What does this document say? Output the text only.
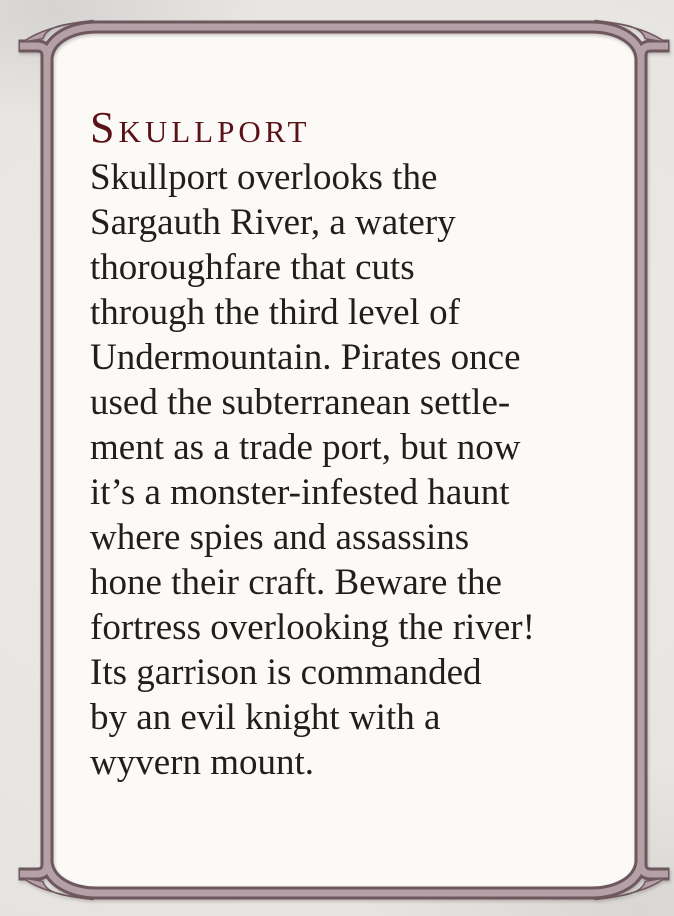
Skullport
Skullport overlooks the
Sargauth River, a watery
thoroughfare that cuts
through the third level of
Undermountain. Pirates once
used the subterranean settle-
ment as a trade port, but now
it’s a monster-infested haunt
where spies and assassins
hone their craft. Beware the
fortress overlooking the river!
Its garrison is commanded
by an evil knight with a
wyvern mount.
